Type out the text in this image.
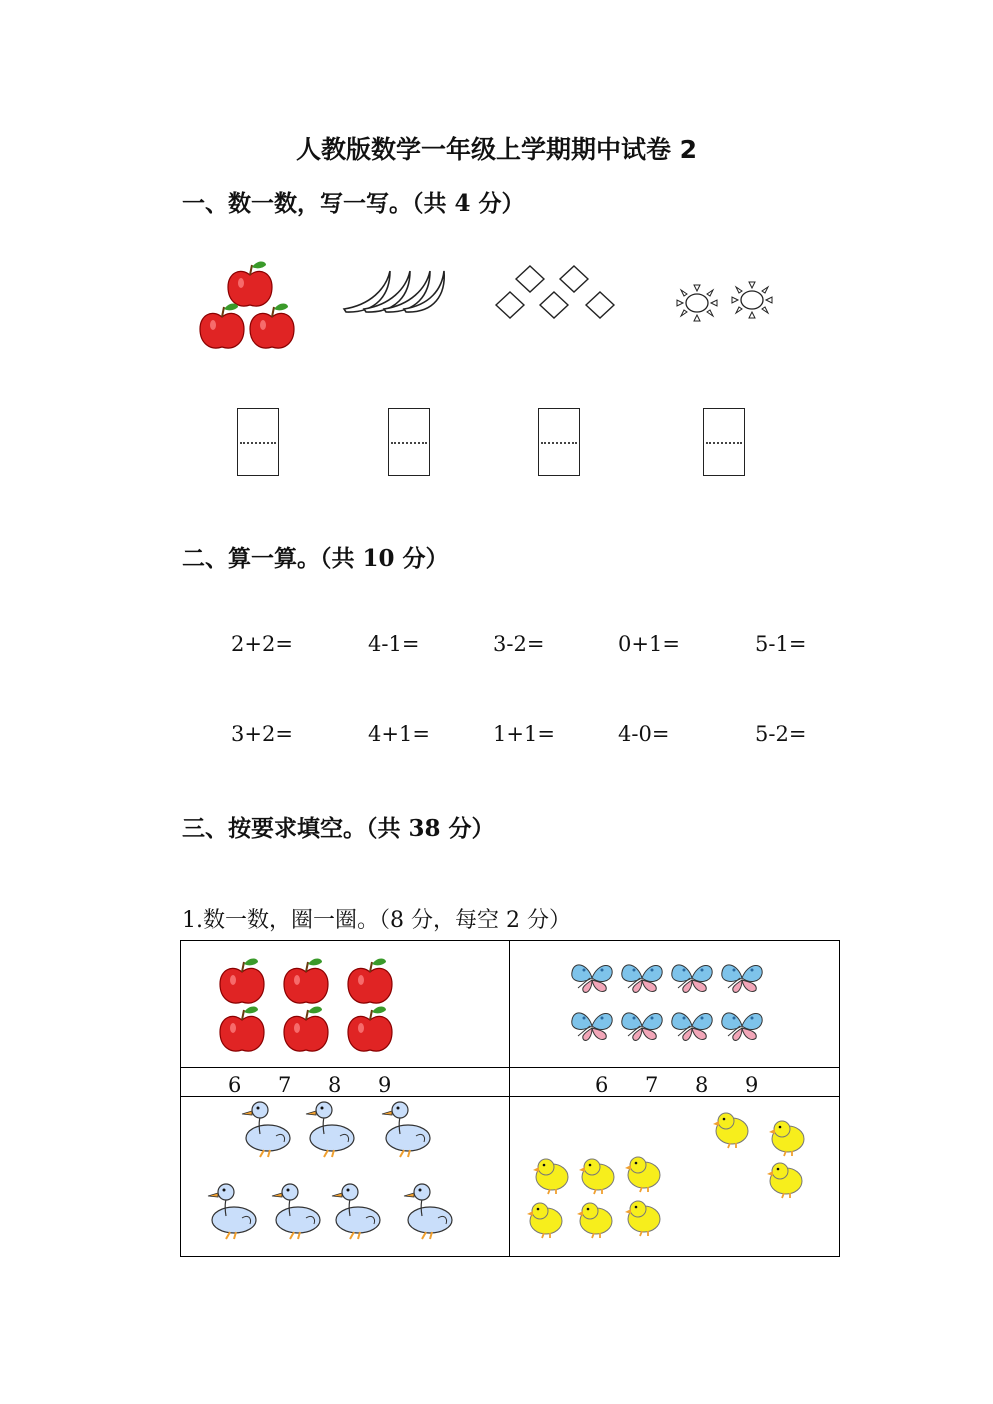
人教版数学一年级上学期期中试卷 2
一、数一数，写一写。（共 4 分）
二、算一算。（共 10 分）
2+2=	4-1=	3-2=	0+1=	5-1=
3+2=	4+1=	1+1=	4-0=	5-2=
三、按要求填空。（共 38 分）
1.数一数，圈一圈。（8 分，每空 2 分）
6 7 8 9	6 7 8 9
